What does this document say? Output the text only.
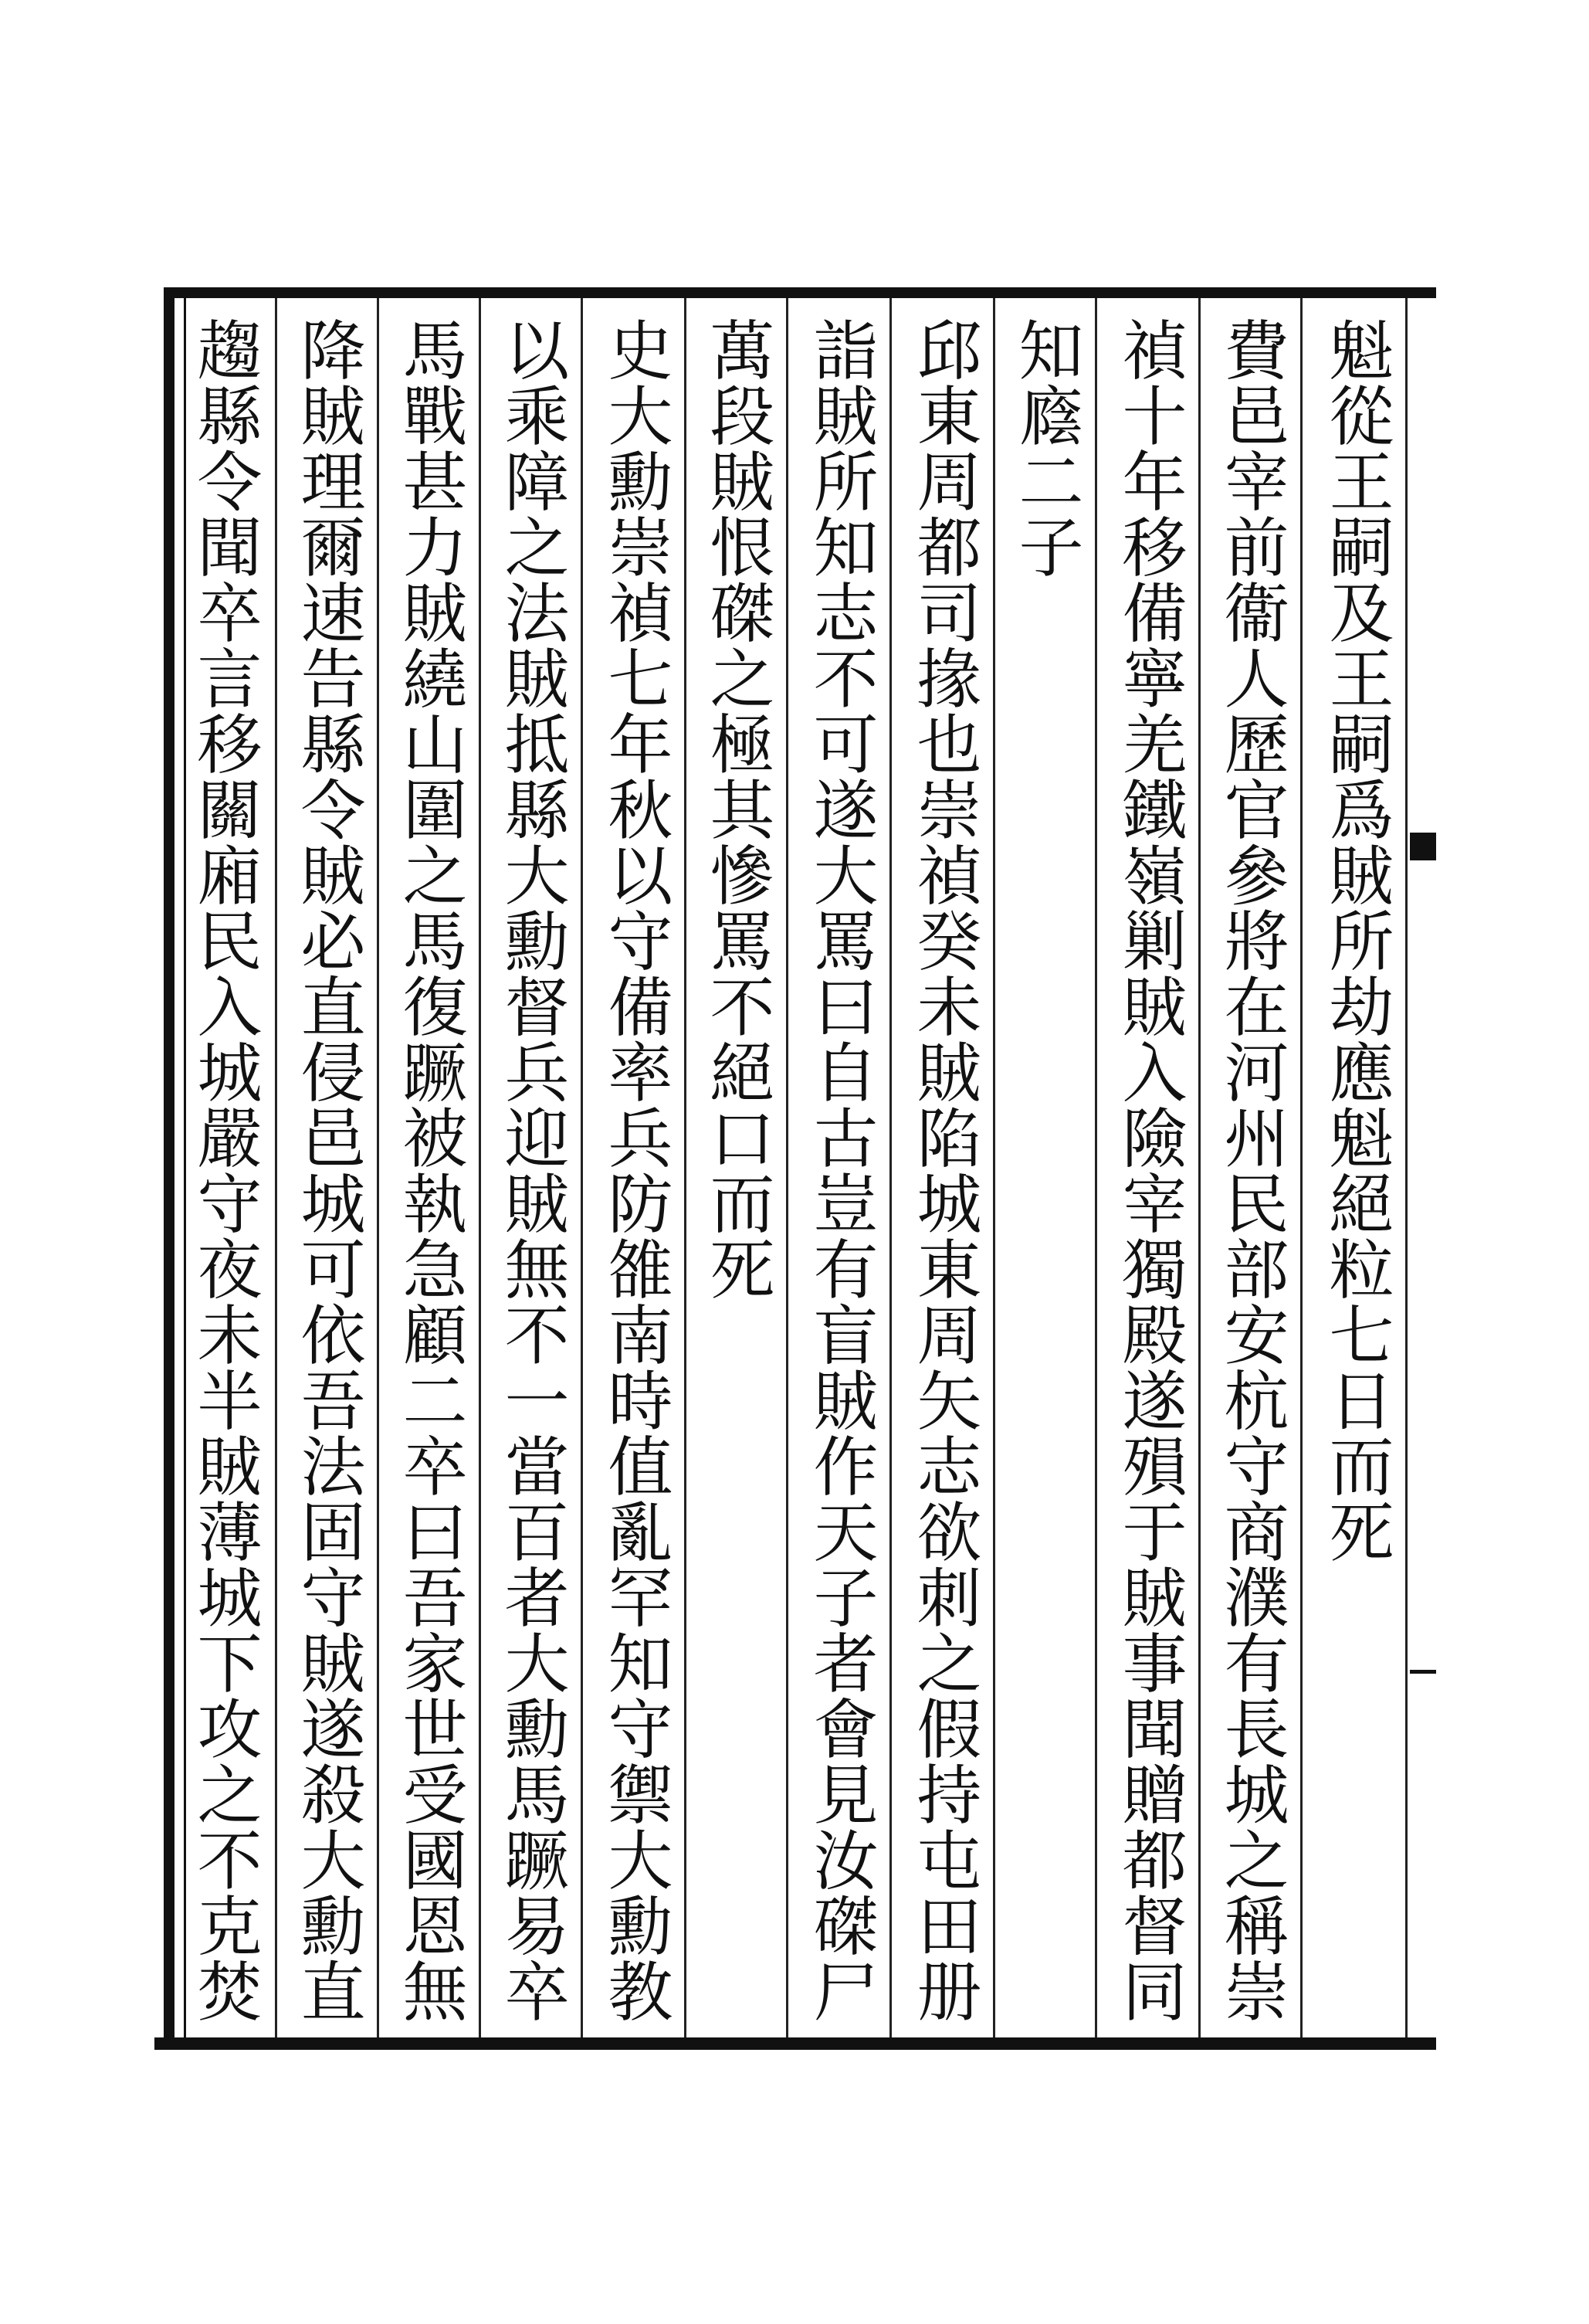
魁從王嗣及王嗣爲賊所劫應魁絕粒七日而死
費邑宰前衞人歷官參將在河州民部安杭守商濮有長城之稱崇
禎十年移備寧羌鐵嶺剿賊入險宰獨殿遂殞于賊事聞贈都督同
知廕二子
邱東周都司掾也崇禎癸未賊陷城東周矢志欲刺之假持屯田册
詣賊所知志不可遂大罵曰自古豈有盲賊作天子者會見汝磔尸
萬段賊恨磔之極其慘罵不絕口而死
史大勳崇禎七年秋以守備率兵防雒南時值亂罕知守禦大勳教
以乘障之法賊抵縣大勳督兵迎賊無不一當百者大勳馬蹶易卒
馬戰甚力賊繞山圍之馬復蹶被執急顧二卒曰吾家世受國恩無
降賊理爾速告縣令賊必直侵邑城可依吾法固守賊遂殺大勳直
趨縣令聞卒言移關廂民入城嚴守夜未半賊薄城下攻之不克焚
